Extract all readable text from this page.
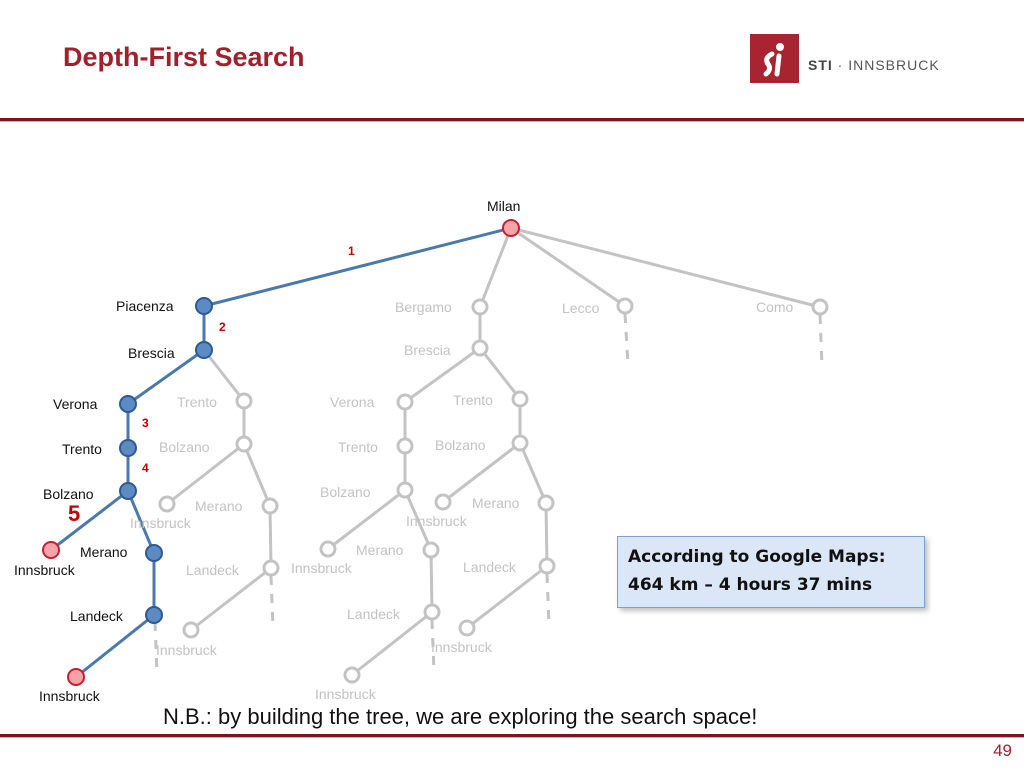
Depth-First Search	STI · INNSBRUCK
Milan
Piacenza
Brescia
Verona
Trento
Bolzano
Merano
Innsbruck
Landeck
Innsbruck
Trento
Bolzano
Merano
Innsbruck
Landeck
Innsbruck
Bergamo	Lecco	Como
Brescia
Verona
Trento
Bolzano
Merano
Innsbruck
Landeck
Innsbruck
Trento
Bolzano
Merano
Innsbruck
Landeck
Innsbruck
1
2
3
4
5
According to Google Maps:
464 km – 4 hours 37 mins
N.B.: by building the tree, we are exploring the search space!
49
